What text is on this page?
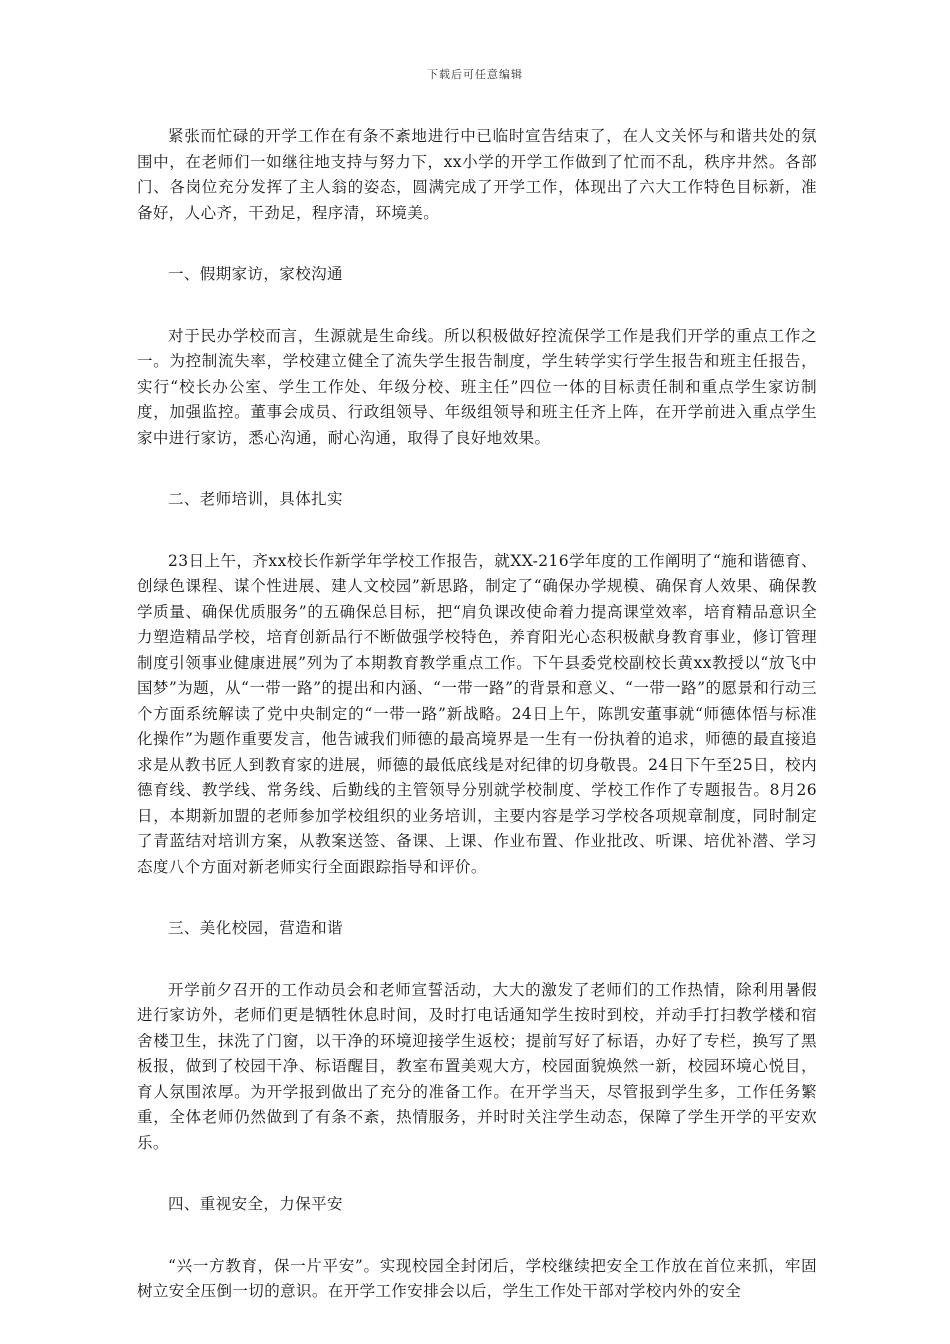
下载后可任意编辑

紧张而忙碌的开学工作在有条不紊地进行中已临时宣告结束了，在人文关怀与和谐共处的氛围中，在老师们一如继往地支持与努力下，xx小学的开学工作做到了忙而不乱，秩序井然。各部门、各岗位充分发挥了主人翁的姿态，圆满完成了开学工作，体现出了六大工作特色目标新，准备好，人心齐，干劲足，程序清，环境美。

一、假期家访，家校沟通

对于民办学校而言，生源就是生命线。所以积极做好控流保学工作是我们开学的重点工作之一。为控制流失率，学校建立健全了流失学生报告制度，学生转学实行学生报告和班主任报告，实行“校长办公室、学生工作处、年级分校、班主任”四位一体的目标责任制和重点学生家访制度，加强监控。董事会成员、行政组领导、年级组领导和班主任齐上阵，在开学前进入重点学生家中进行家访，悉心沟通，耐心沟通，取得了良好地效果。

二、老师培训，具体扎实

23日上午，齐xx校长作新学年学校工作报告，就XX-216学年度的工作阐明了“施和谐德育、创绿色课程、谋个性进展、建人文校园”新思路，制定了“确保办学规模、确保育人效果、确保教学质量、确保优质服务”的五确保总目标，把“肩负课改使命着力提高课堂效率，培育精品意识全力塑造精品学校，培育创新品行不断做强学校特色，养育阳光心态积极献身教育事业，修订管理制度引领事业健康进展”列为了本期教育教学重点工作。下午县委党校副校长黄xx教授以“放飞中国梦”为题，从“一带一路”的提出和内涵、“一带一路”的背景和意义、“一带一路”的愿景和行动三个方面系统解读了党中央制定的“一带一路”新战略。24日上午，陈凯安董事就“师德体悟与标准化操作”为题作重要发言，他告诫我们师德的最高境界是一生有一份执着的追求，师德的最直接追求是从教书匠人到教育家的进展，师德的最低底线是对纪律的切身敬畏。24日下午至25日，校内德育线、教学线、常务线、后勤线的主管领导分别就学校制度、学校工作作了专题报告。8月26日，本期新加盟的老师参加学校组织的业务培训，主要内容是学习学校各项规章制度，同时制定了青蓝结对培训方案，从教案送签、备课、上课、作业布置、作业批改、听课、培优补潜、学习态度八个方面对新老师实行全面跟踪指导和评价。

三、美化校园，营造和谐

开学前夕召开的工作动员会和老师宣誓活动，大大的激发了老师们的工作热情，除利用暑假进行家访外，老师们更是牺牲休息时间，及时打电话通知学生按时到校，并动手打扫教学楼和宿舍楼卫生，抹洗了门窗，以干净的环境迎接学生返校；提前写好了标语，办好了专栏，换写了黑板报，做到了校园干净、标语醒目，教室布置美观大方，校园面貌焕然一新，校园环境心悦目，育人氛围浓厚。为开学报到做出了充分的准备工作。在开学当天，尽管报到学生多，工作任务繁重，全体老师仍然做到了有条不紊，热情服务，并时时关注学生动态，保障了学生开学的平安欢乐。

四、重视安全，力保平安

“兴一方教育，保一片平安”。实现校园全封闭后，学校继续把安全工作放在首位来抓，牢固树立安全压倒一切的意识。在开学工作安排会以后，学生工作处干部对学校内外的安全
